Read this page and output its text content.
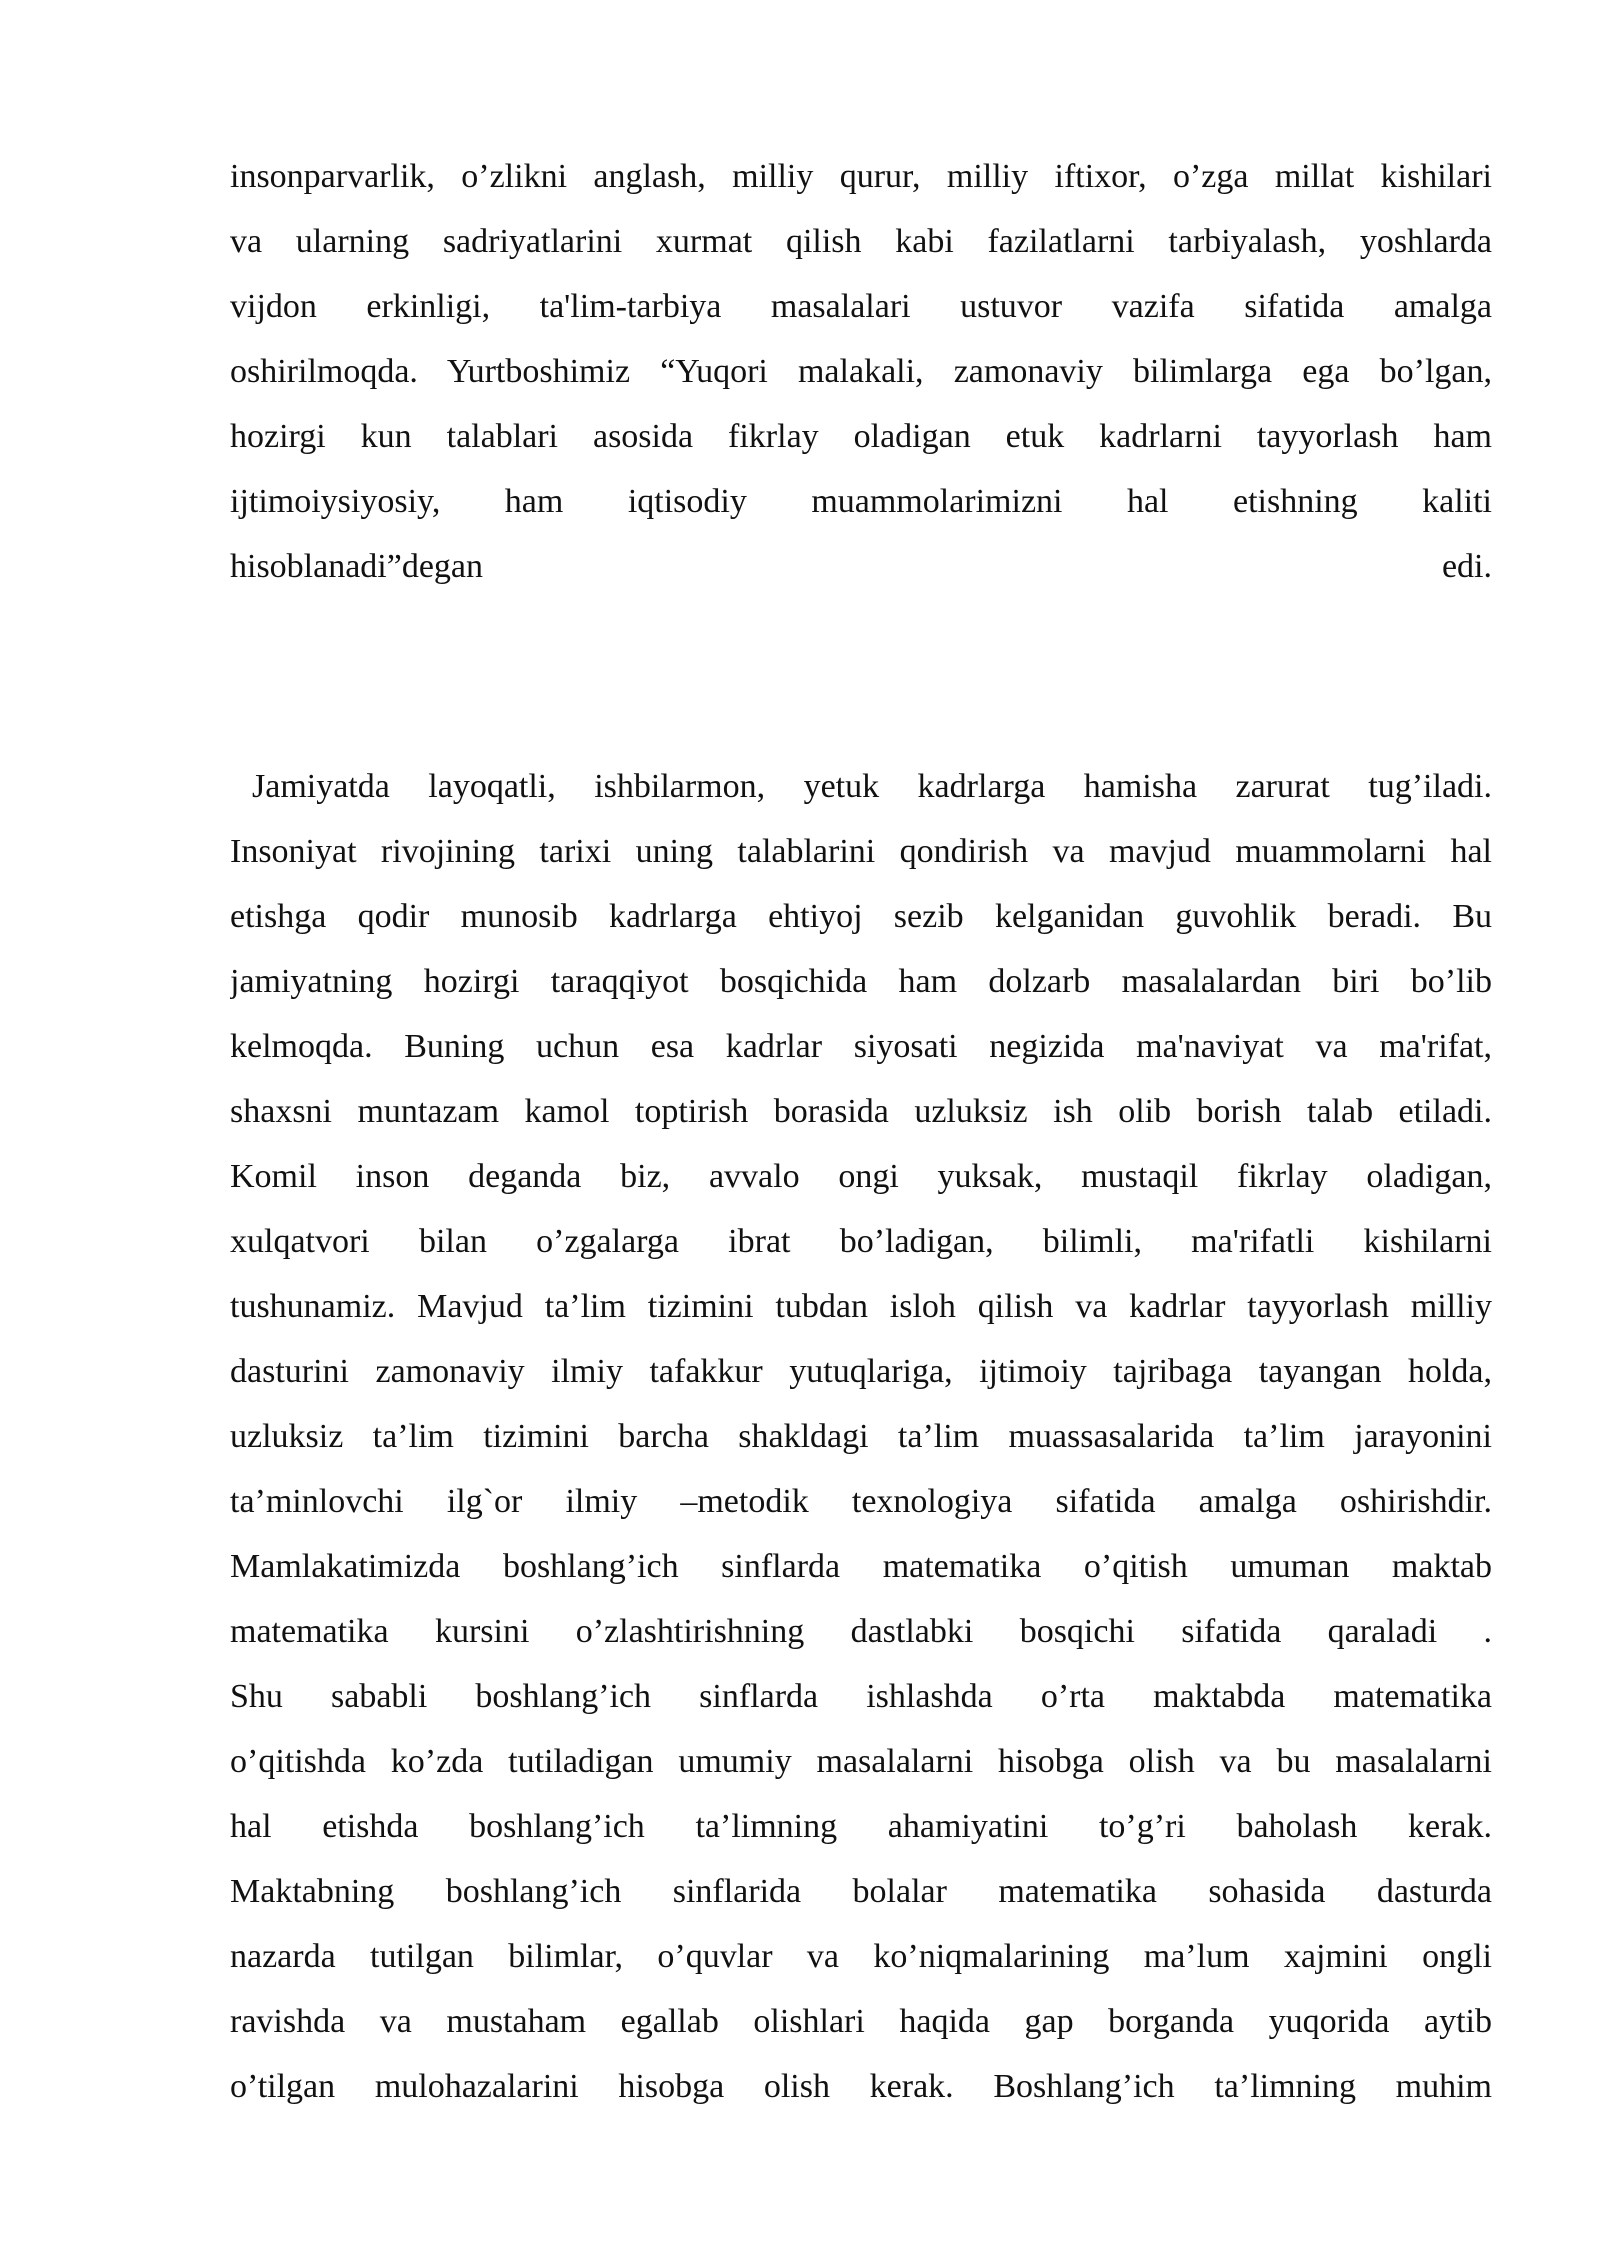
insonparvarlik, o’zlikni anglash, milliy qurur, milliy iftixor, o’zga millat kishilari
va ularning sadriyatlarini xurmat qilish kabi fazilatlarni tarbiyalash, yoshlarda
vijdon erkinligi, ta'lim-tarbiya masalalari ustuvor vazifa sifatida amalga
oshirilmoqda. Yurtboshimiz “Yuqori malakali, zamonaviy bilimlarga ega bo’lgan,
hozirgi kun talablari asosida fikrlay oladigan etuk kadrlarni tayyorlash ham
ijtimoiysiyosiy, ham iqtisodiy muammolarimizni hal etishning kaliti
hisoblanadi”degan edi.
Jamiyatda layoqatli, ishbilarmon, yetuk kadrlarga hamisha zarurat tug’iladi.
Insoniyat rivojining tarixi uning talablarini qondirish va mavjud muammolarni hal
etishga qodir munosib kadrlarga ehtiyoj sezib kelganidan guvohlik beradi. Bu
jamiyatning hozirgi taraqqiyot bosqichida ham dolzarb masalalardan biri bo’lib
kelmoqda. Buning uchun esa kadrlar siyosati negizida ma'naviyat va ma'rifat,
shaxsni muntazam kamol toptirish borasida uzluksiz ish olib borish talab etiladi.
Komil inson deganda biz, avvalo ongi yuksak, mustaqil fikrlay oladigan,
xulqatvori bilan o’zgalarga ibrat bo’ladigan, bilimli, ma'rifatli kishilarni
tushunamiz. Mavjud ta’lim tizimini tubdan isloh qilish va kadrlar tayyorlash milliy
dasturini zamonaviy ilmiy tafakkur yutuqlariga, ijtimoiy tajribaga tayangan holda,
uzluksiz ta’lim tizimini barcha shakldagi ta’lim muassasalarida ta’lim jarayonini
ta’minlovchi ilg`or ilmiy –metodik texnologiya sifatida amalga oshirishdir.
Mamlakatimizda boshlang’ich sinflarda matematika o’qitish umuman maktab
matematika kursini o’zlashtirishning dastlabki bosqichi sifatida qaraladi .
Shu sababli boshlang’ich sinflarda ishlashda o’rta maktabda matematika
o’qitishda ko’zda tutiladigan umumiy masalalarni hisobga olish va bu masalalarni
hal etishda boshlang’ich ta’limning ahamiyatini to’g’ri baholash kerak.
Maktabning boshlang’ich sinflarida bolalar matematika sohasida dasturda
nazarda tutilgan bilimlar, o’quvlar va ko’niqmalarining ma’lum xajmini ongli
ravishda va mustaham egallab olishlari haqida gap borganda yuqorida aytib
o’tilgan mulohazalarini hisobga olish kerak. Boshlang’ich ta’limning muhim
